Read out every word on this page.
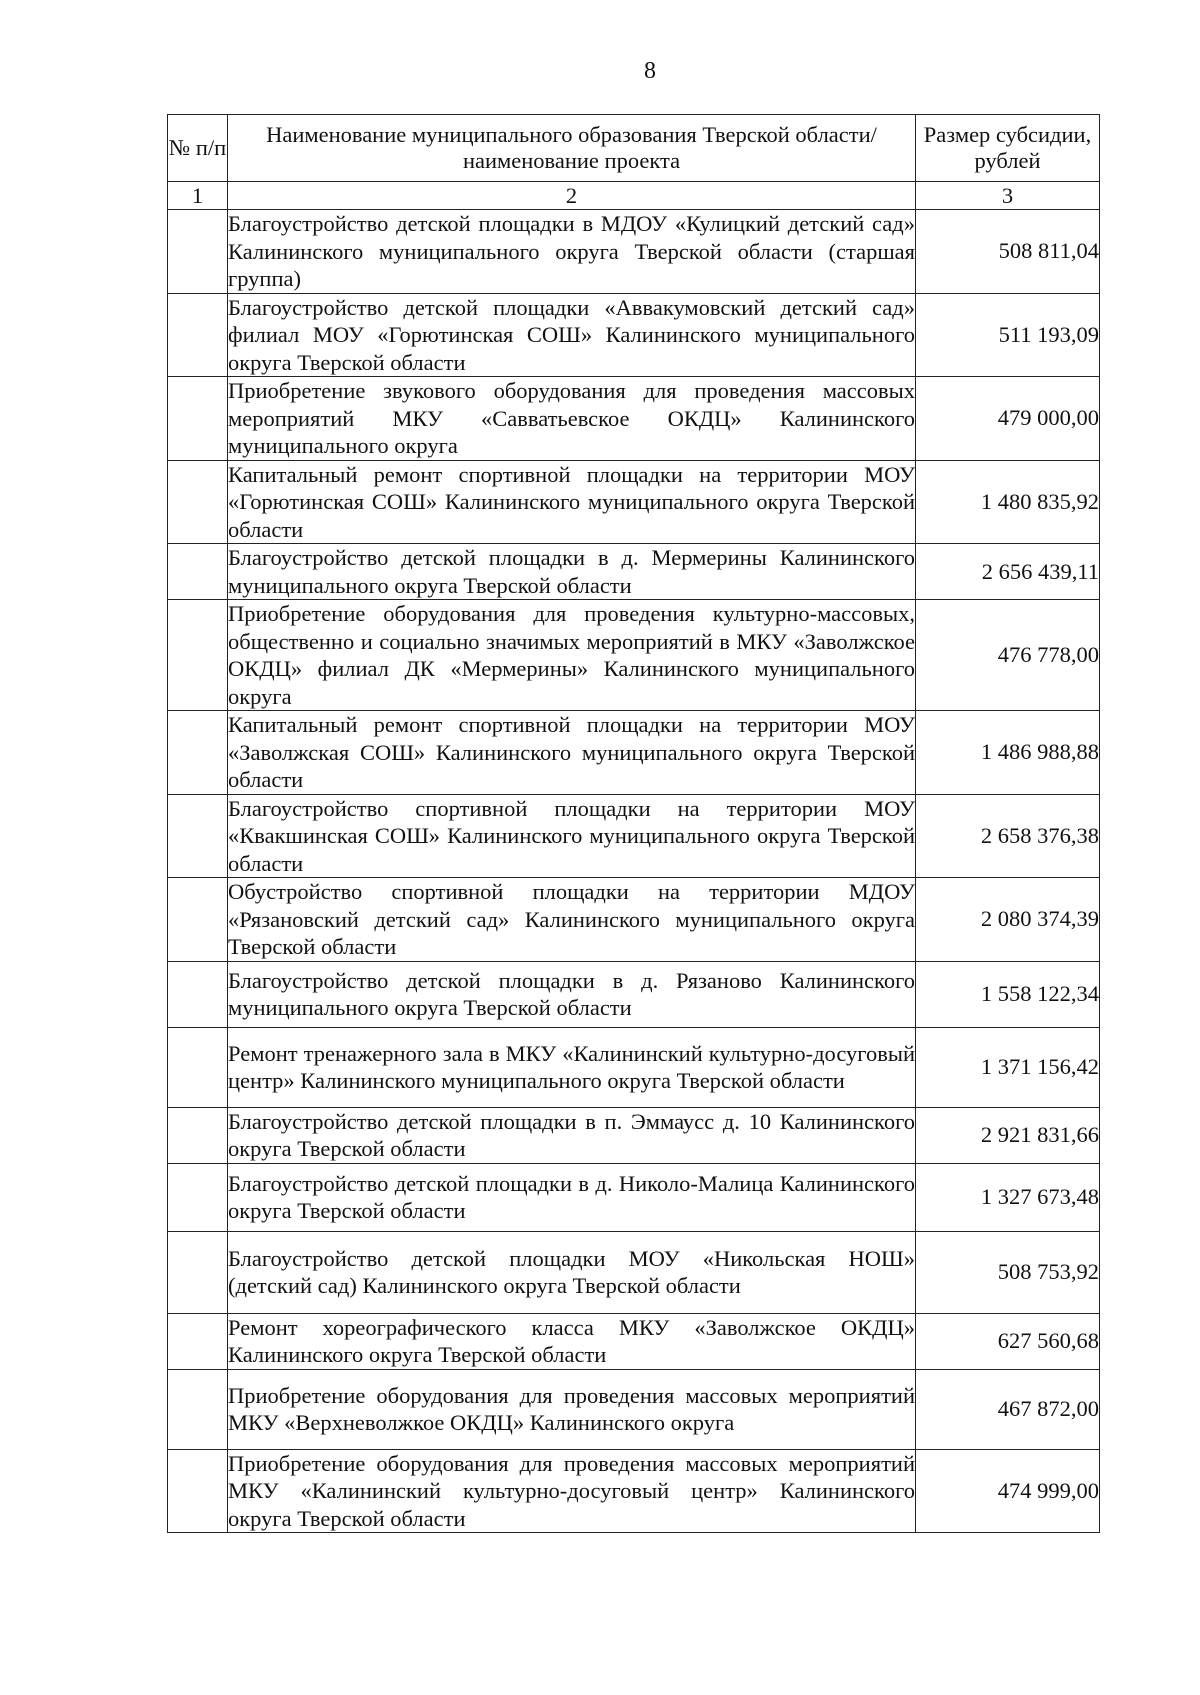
8
№ п/п	Наименование муниципального образования Тверской области/наименование проекта	Размер субсидии, рублей
1	2	3
	Благоустройство детской площадки в МДОУ «Кулицкий детский сад» Калининского муниципального округа Тверской области (старшая группа)	508 811,04
	Благоустройство детской площадки «Аввакумовский детский сад» филиал МОУ «Горютинская СОШ» Калининского муниципального округа Тверской области	511 193,09
	Приобретение звукового оборудования для проведения массовых мероприятий МКУ «Савватьевское ОКДЦ» Калининского муниципального округа	479 000,00
	Капитальный ремонт спортивной площадки на территории МОУ «Горютинская СОШ» Калининского муниципального округа Тверской области	1 480 835,92
	Благоустройство детской площадки в д. Мермерины Калининского муниципального округа Тверской области	2 656 439,11
	Приобретение оборудования для проведения культурно-массовых, общественно и социально значимых мероприятий в МКУ «Заволжское ОКДЦ» филиал ДК «Мермерины» Калининского муниципального округа	476 778,00
	Капитальный ремонт спортивной площадки на территории МОУ «Заволжская СОШ» Калининского муниципального округа Тверской области	1 486 988,88
	Благоустройство спортивной площадки на территории МОУ «Квакшинская СОШ» Калининского муниципального округа Тверской области	2 658 376,38
	Обустройство спортивной площадки на территории МДОУ «Рязановский детский сад» Калининского муниципального округа Тверской области	2 080 374,39
	Благоустройство детской площадки в д. Рязаново Калининского муниципального округа Тверской области	1 558 122,34
	Ремонт тренажерного зала в МКУ «Калининский культурно-досуговый центр» Калининского муниципального округа Тверской области	1 371 156,42
	Благоустройство детской площадки в п. Эммаусс д. 10 Калининского округа Тверской области	2 921 831,66
	Благоустройство детской площадки в д. Николо-Малица Калининского округа Тверской области	1 327 673,48
	Благоустройство детской площадки МОУ «Никольская НОШ» (детский сад) Калининского округа Тверской области	508 753,92
	Ремонт хореографического класса МКУ «Заволжское ОКДЦ» Калининского округа Тверской области	627 560,68
	Приобретение оборудования для проведения массовых мероприятий МКУ «Верхневолжкое ОКДЦ» Калининского округа	467 872,00
	Приобретение оборудования для проведения массовых мероприятий МКУ «Калининский культурно-досуговый центр» Калининского округа Тверской области	474 999,00
